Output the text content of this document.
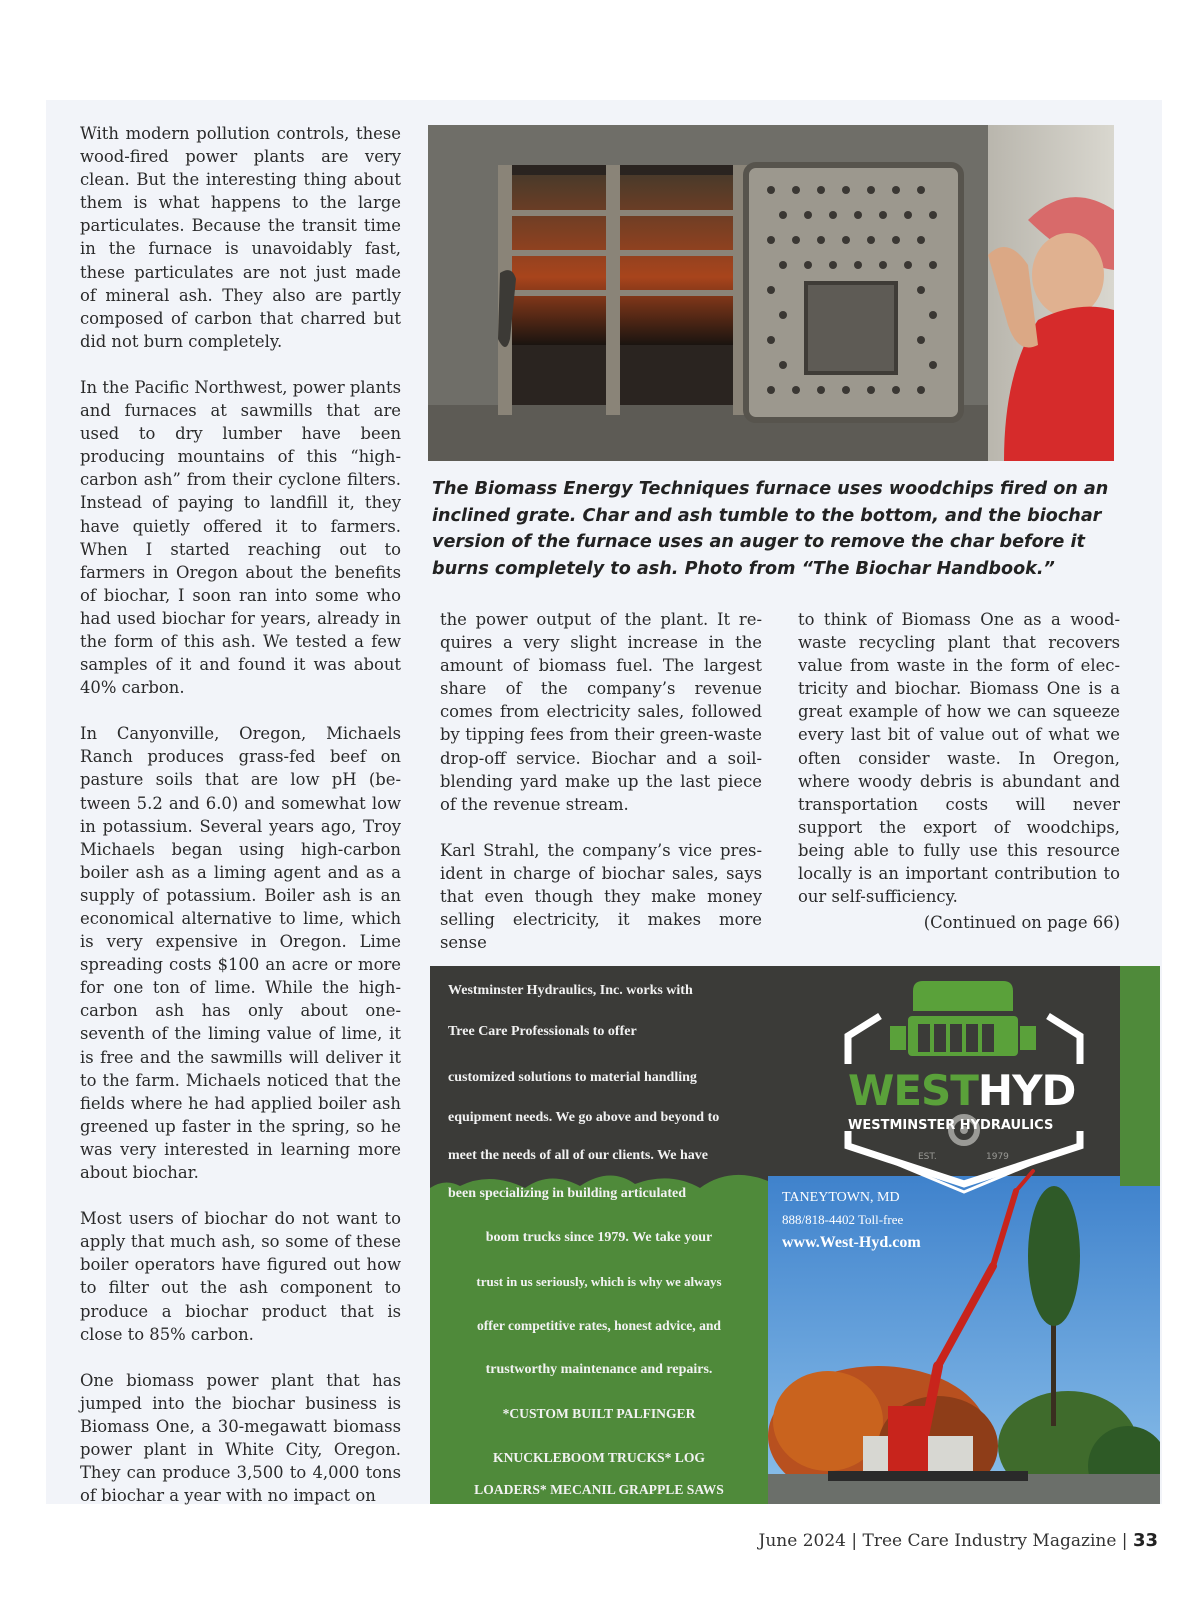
With modern pollution controls, these wood-fired power plants are very clean. But the interesting thing about them is what happens to the large particulates. Because the transit time in the furnace is unavoidably fast, these particulates are not just made of mineral ash. They also are partly composed of carbon that charred but did not burn completely.

In the Pacific Northwest, power plants and furnaces at sawmills that are used to dry lumber have been producing mountains of this “high-carbon ash” from their cyclone filters. Instead of paying to landfill it, they have quietly offered it to farmers. When I started reaching out to farmers in Oregon about the benefits of biochar, I soon ran into some who had used biochar for years, already in the form of this ash. We tested a few samples of it and found it was about 40% carbon.

In Canyonville, Oregon, Michaels Ranch produces grass-fed beef on pasture soils that are low pH (between 5.2 and 6.0) and somewhat low in potassium. Several years ago, Troy Michaels began using high-carbon boiler ash as a liming agent and as a supply of potassium. Boiler ash is an economical alternative to lime, which is very expensive in Oregon. Lime spreading costs $100 an acre or more for one ton of lime. While the high-carbon ash has only about one-seventh of the liming value of lime, it is free and the sawmills will deliver it to the farm. Michaels noticed that the fields where he had applied boiler ash greened up faster in the spring, so he was very interested in learning more about biochar.

Most users of biochar do not want to apply that much ash, so some of these boiler operators have figured out how to filter out the ash component to produce a biochar product that is close to 85% carbon.

One biomass power plant that has jumped into the biochar business is Biomass One, a 30-megawatt biomass power plant in White City, Oregon. They can produce 3,500 to 4,000 tons of biochar a year with no impact on

The Biomass Energy Techniques furnace uses woodchips fired on an inclined grate. Char and ash tumble to the bottom, and the biochar version of the furnace uses an auger to remove the char before it burns completely to ash. Photo from “The Biochar Handbook.”

the power output of the plant. It requires a very slight increase in the amount of biomass fuel. The largest share of the company’s revenue comes from electricity sales, followed by tipping fees from their green-waste drop-off service. Biochar and a soil-blending yard make up the last piece of the revenue stream.

Karl Strahl, the company’s vice president in charge of biochar sales, says that even though they make money selling electricity, it makes more sense

to think of Biomass One as a wood-waste recycling plant that recovers value from waste in the form of electricity and biochar. Biomass One is a great example of how we can squeeze every last bit of value out of what we often consider waste. In Oregon, where woody debris is abundant and transportation costs will never support the export of woodchips, being able to fully use this resource locally is an important contribution to our self-sufficiency.

(Continued on page 66)
Westminster Hydraulics, Inc. works with
Tree Care Professionals to offer
customized solutions to material handling
equipment needs. We go above and beyond to
meet the needs of all of our clients. We have
been specializing in building articulated
boom trucks since 1979. We take your
trust in us seriously, which is why we always
offer competitive rates, honest advice, and
trustworthy maintenance and repairs.
*CUSTOM BUILT PALFINGER
KNUCKLEBOOM TRUCKS* LOG
LOADERS* MECANIL GRAPPLE SAWS
WESTHYD
WESTMINSTER HYDRAULICS
EST.	1979
TANEYTOWN, MD
888/818-4402 Toll-free
www.West-Hyd.com
June 2024 | Tree Care Industry Magazine | 33
